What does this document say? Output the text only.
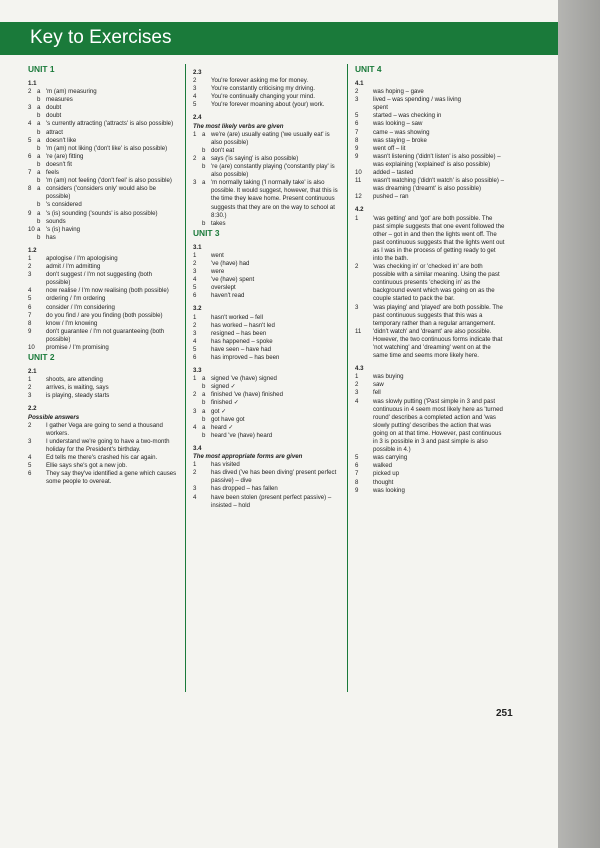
Key to Exercises
UNIT 1
1.1
2 a 'm (am) measuring
b measures
3 a doubt
b doubt
4 a 's currently attracting ('attracts' is also possible)
b attract
5 a doesn't like
b 'm (am) not liking ('don't like' is also possible)
6 a 're (are) fitting
b doesn't fit
7 a feels
b 'm (am) not feeling ('don't feel' is also possible)
8 a considers ('considers only' would also be possible)
b 's considered
9 a 's (is) sounding ('sounds' is also possible)
b sounds
10 a 's (is) having
b has
1.2
1	apologise / I'm apologising
2	admit / I'm admitting
3	don't suggest / I'm not suggesting (both possible)
4	now realise / I'm now realising (both possible)
5	ordering / I'm ordering
6	consider / I'm considering
7	do you find / are you finding (both possible)
8	know / I'm knowing
9	don't guarantee / I'm not guaranteeing (both possible)
10	promise / I'm promising
UNIT 2
2.1
1	shoots, are attending
2	arrives, is waiting, says
3	is playing, steady starts
2.2
Possible answers
2	I gather Vega are going to send a thousand workers.
3	I understand we're going to have a two-month holiday for the President's birthday.
4	Ed tells me there's crashed his car again.
5	Ellie says she's got a new job.
6	They say they've identified a gene which causes some people to overeat.
2.3
2	You're forever asking me for money.
3	You're constantly criticising my driving.
4	You're continually changing your mind.
5	You're forever moaning about (your) work.
2.4
The most likely verbs are given
1 a we're (are) usually eating ('we usually eat' is also possible)
b don't eat
2 a says ('is saying' is also possible)
b 're (are) constantly playing ('constantly play' is also possible)
3 a 'm normally taking ('I normally take' is also possible. It would suggest, however, that this is the time they leave home. Present continuous suggests that they are on the way to school at 8:30.)
b takes
UNIT 3
3.1
1	went
2	've (have) had
3	were
4	've (have) spent
5	overslept
6	haven't read
3.2
1	hasn't worked – fell
2	has worked – hasn't led
3	resigned – has been
4	has happened – spoke
5	have seen – have had
6	has improved – has been
3.3
1 a signed 've (have) signed
b signed ✓
2 a finished 've (have) finished
b finished ✓
3 a got ✓
b got have got
4 a heard ✓
b heard 've (have) heard
3.4
The most appropriate forms are given
1	has visited
2	has dived ('ve has been diving' present perfect passive) – dive
3	has dropped – has fallen
4	have been stolen (present perfect passive) – insisted – hold
UNIT 4
4.1
2	was hoping – gave
3	lived – was spending / was living
spent
5	started – was checking in
6	was looking – saw
7	came – was showing
8	was staying – broke
9	went off – lit
9	wasn't listening ('didn't listen' is also possible) – was explaining ('explained' is also possible)
10	added – tasted
11	wasn't watching ('didn't watch' is also possible) – was dreaming ('dreamt' is also possible)
12	pushed – ran
4.2
1	'was getting' and 'got' are both possible. The past simple suggests that one event followed the other – got in and then the lights went off. The past continuous suggests that the lights went out as I was in the process of getting ready to get into the bath.
2	'was checking in' or 'checked in' are both possible with a similar meaning. Using the past continuous presents 'checking in' as the background event which was going on as the couple started to pack the bar.
3	'was playing' and 'played' are both possible. The past continuous suggests that this was a temporary rather than a regular arrangement.
11	'didn't watch' and 'dreamt' are also possible. However, the two continuous forms indicate that 'not watching' and 'dreaming' went on at the same time and seems more likely here.
4.3
1	was buying
2	saw
3	fell
4	was slowly putting ('Past simple in 3 and past continuous in 4 seem most likely here as 'turned round' describes a completed action and 'was slowly putting' describes the action that was going on at that time. However, past continuous in 3 is possible in 3 and past simple is also possible in 4.)
5	was carrying
6	walked
7	picked up
8	thought
9	was looking
251
